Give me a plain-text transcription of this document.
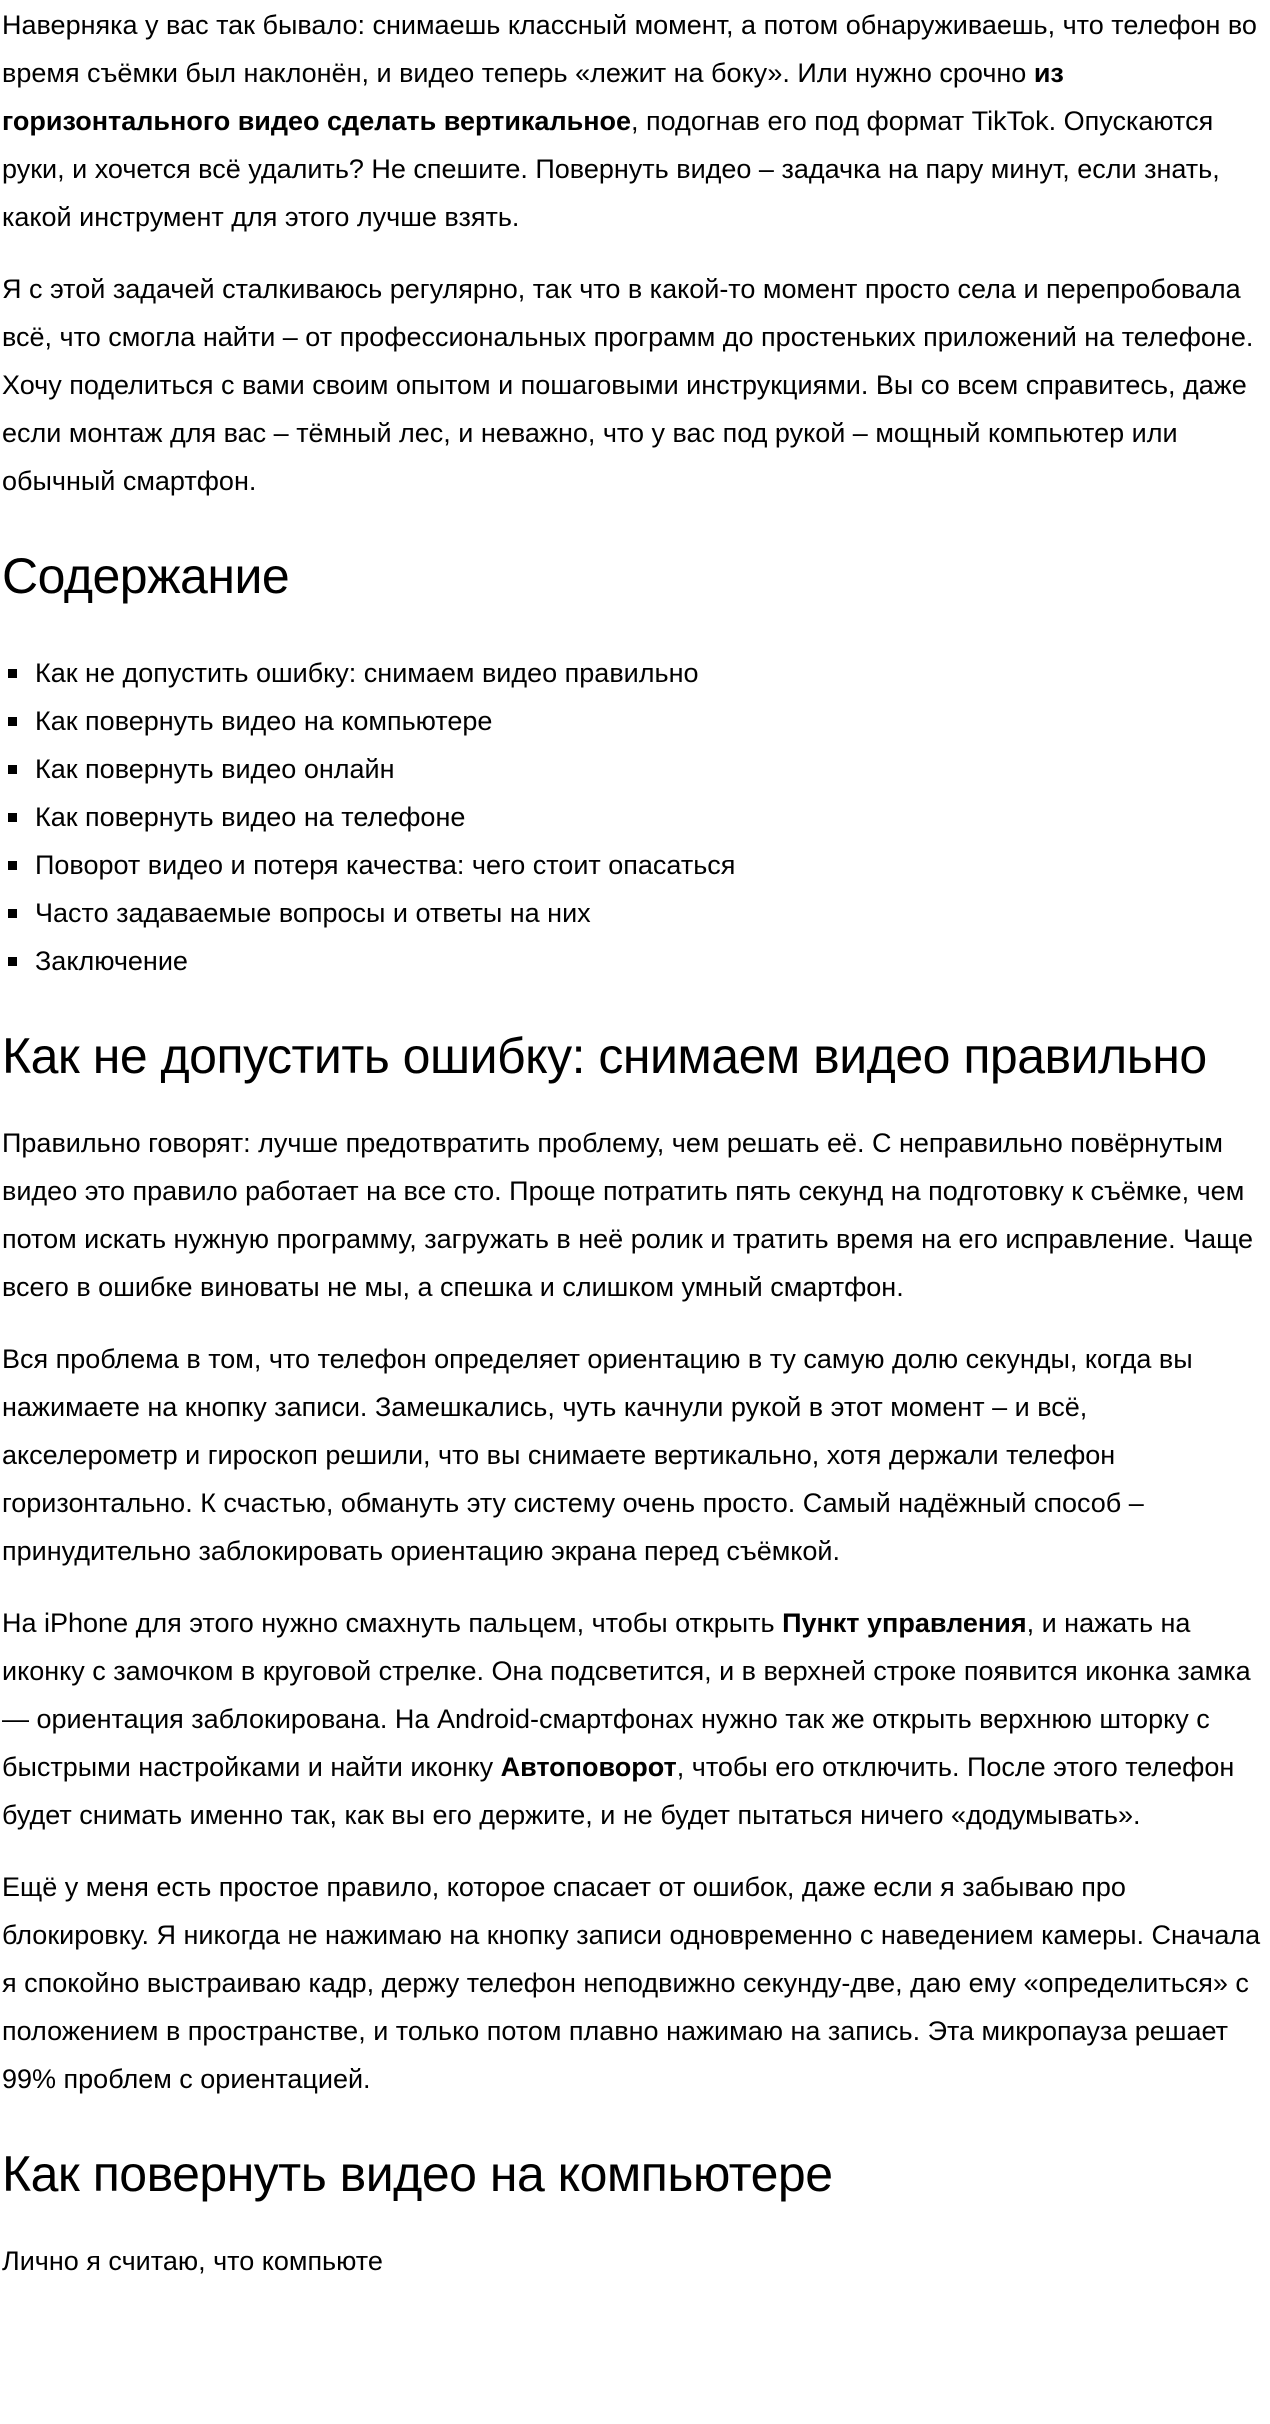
Наверняка у вас так бывало: снимаешь классный момент, а потом обнаруживаешь, что телефон во время съёмки был наклонён, и видео теперь «лежит на боку». Или нужно срочно из горизонтального видео сделать вертикальное, подогнав его под формат TikTok. Опускаются руки, и хочется всё удалить? Не спешите. Повернуть видео – задачка на пару минут, если знать, какой инструмент для этого лучше взять.

Я с этой задачей сталкиваюсь регулярно, так что в какой-то момент просто села и перепробовала всё, что смогла найти – от профессиональных программ до простеньких приложений на телефоне. Хочу поделиться с вами своим опытом и пошаговыми инструкциями. Вы со всем справитесь, даже если монтаж для вас – тёмный лес, и неважно, что у вас под рукой – мощный компьютер или обычный смартфон.

Содержание
Как не допустить ошибку: снимаем видео правильно
Как повернуть видео на компьютере
Как повернуть видео онлайн
Как повернуть видео на телефоне
Поворот видео и потеря качества: чего стоит опасаться
Часто задаваемые вопросы и ответы на них
Заключение
Как не допустить ошибку: снимаем видео правильно

Правильно говорят: лучше предотвратить проблему, чем решать её. С неправильно повёрнутым видео это правило работает на все сто. Проще потратить пять секунд на подготовку к съёмке, чем потом искать нужную программу, загружать в неё ролик и тратить время на его исправление. Чаще всего в ошибке виноваты не мы, а спешка и слишком умный смартфон.

Вся проблема в том, что телефон определяет ориентацию в ту самую долю секунды, когда вы нажимаете на кнопку записи. Замешкались, чуть качнули рукой в этот момент – и всё, акселерометр и гироскоп решили, что вы снимаете вертикально, хотя держали телефон горизонтально. К счастью, обмануть эту систему очень просто. Самый надёжный способ – принудительно заблокировать ориентацию экрана перед съёмкой.

На iPhone для этого нужно смахнуть пальцем, чтобы открыть Пункт управления, и нажать на иконку с замочком в круговой стрелке. Она подсветится, и в верхней строке появится иконка замка — ориентация заблокирована. На Android-смартфонах нужно так же открыть верхнюю шторку с быстрыми настройками и найти иконку Автоповорот, чтобы его отключить. После этого телефон будет снимать именно так, как вы его держите, и не будет пытаться ничего «додумывать».

Ещё у меня есть простое правило, которое спасает от ошибок, даже если я забываю про блокировку. Я никогда не нажимаю на кнопку записи одновременно с наведением камеры. Сначала я спокойно выстраиваю кадр, держу телефон неподвижно секунду-две, даю ему «определиться» с положением в пространстве, и только потом плавно нажимаю на запись. Эта микропауза решает 99% проблем с ориентацией.

Как повернуть видео на компьютере

Лично я считаю, что компьюте
